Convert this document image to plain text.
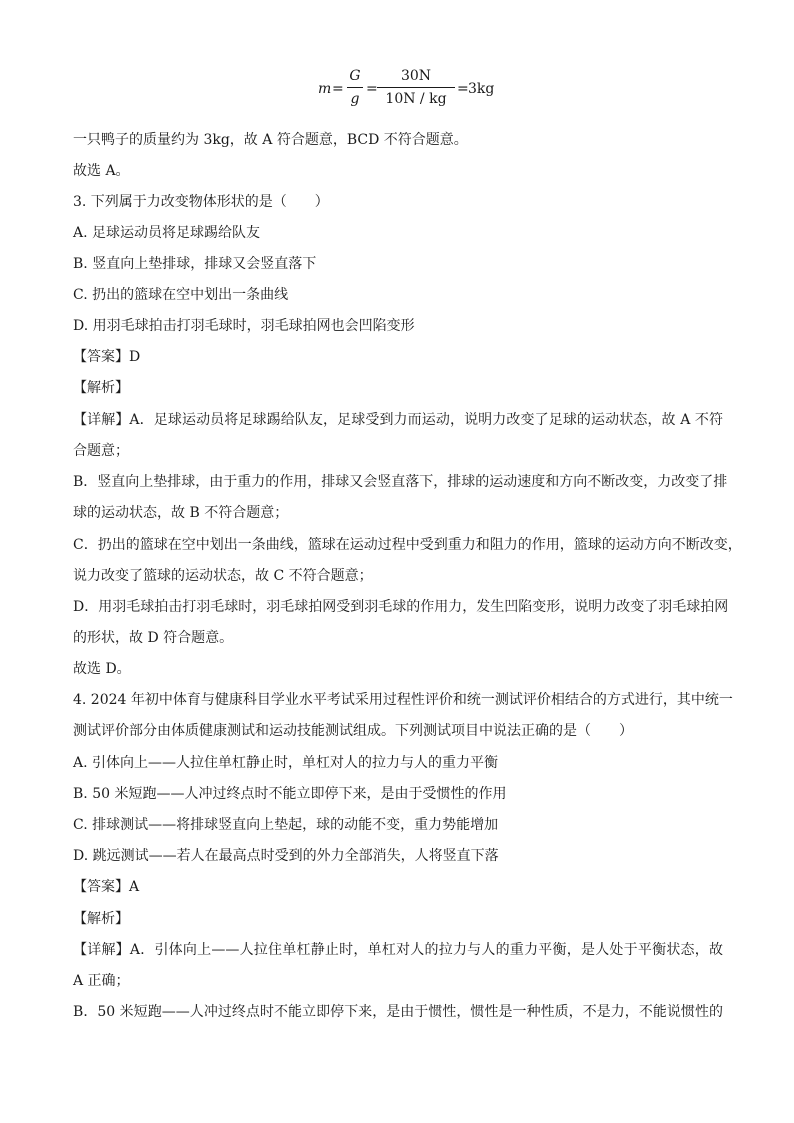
m =
G
g
=
30N
10N / kg
= 3kg
一只鸭子的质量约为 3kg，故 A 符合题意，BCD 不符合题意。
故选 A。
3. 下列属于力改变物体形状的是（　　）
A. 足球运动员将足球踢给队友
B. 竖直向上垫排球，排球又会竖直落下
C. 扔出的篮球在空中划出一条曲线
D. 用羽毛球拍击打羽毛球时，羽毛球拍网也会凹陷变形
【答案】D
【解析】
【详解】A．足球运动员将足球踢给队友，足球受到力而运动，说明力改变了足球的运动状态，故 A 不符
合题意；
B．竖直向上垫排球，由于重力的作用，排球又会竖直落下，排球的运动速度和方向不断改变，力改变了排
球的运动状态，故 B 不符合题意；
C．扔出的篮球在空中划出一条曲线，篮球在运动过程中受到重力和阻力的作用，篮球的运动方向不断改变，
说力改变了篮球的运动状态，故 C 不符合题意；
D．用羽毛球拍击打羽毛球时，羽毛球拍网受到羽毛球的作用力，发生凹陷变形，说明力改变了羽毛球拍网
的形状，故 D 符合题意。
故选 D。
4. 2024 年初中体育与健康科目学业水平考试采用过程性评价和统一测试评价相结合的方式进行，其中统一
测试评价部分由体质健康测试和运动技能测试组成。下列测试项目中说法正确的是（　　）
A. 引体向上——人拉住单杠静止时，单杠对人的拉力与人的重力平衡
B. 50 米短跑——人冲过终点时不能立即停下来，是由于受惯性的作用
C. 排球测试——将排球竖直向上垫起，球的动能不变，重力势能增加
D. 跳远测试——若人在最高点时受到的外力全部消失，人将竖直下落
【答案】A
【解析】
【详解】A．引体向上——人拉住单杠静止时，单杠对人的拉力与人的重力平衡，是人处于平衡状态，故
A 正确；
B．50 米短跑——人冲过终点时不能立即停下来，是由于惯性，惯性是一种性质，不是力，不能说惯性的
